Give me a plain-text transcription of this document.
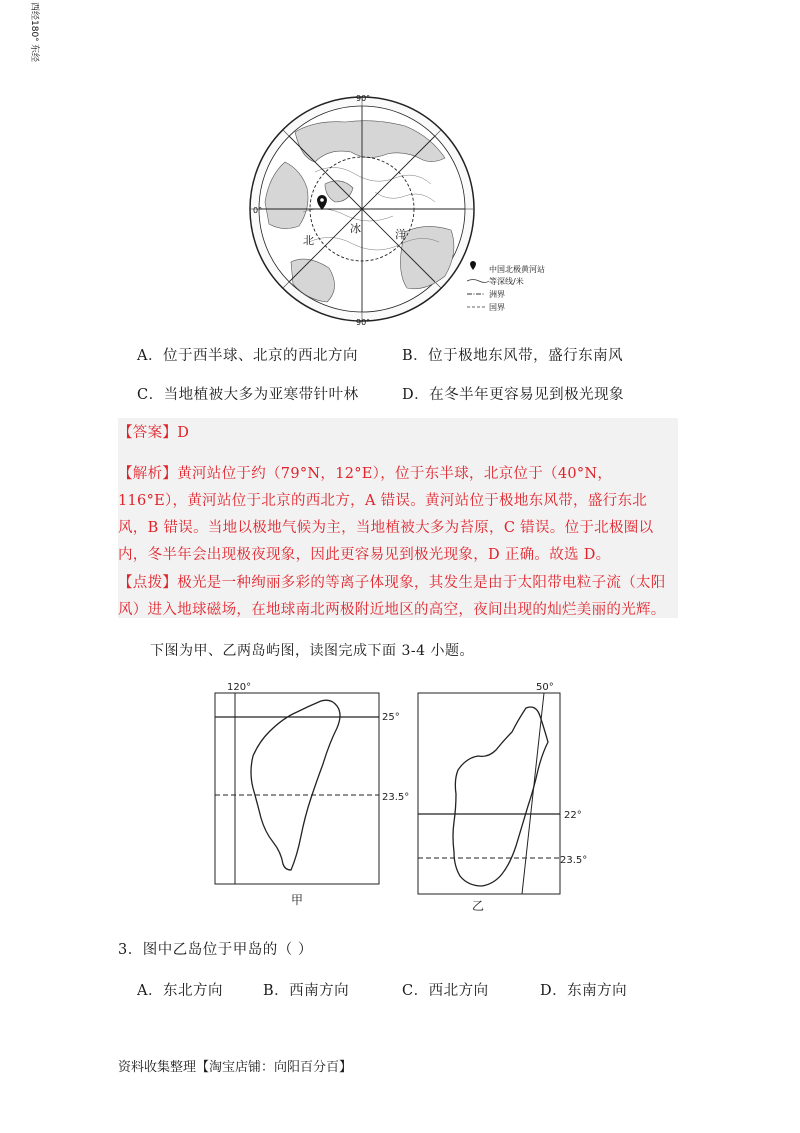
北
冰	洋
90°
90°
0°
西经
180°
东经
中国北极黄河站
等深线/米
洲界
国界
A．位于西半球、北京的西北方向	B．位于极地东风带，盛行东南风
C．当地植被大多为亚寒带针叶林	D．在冬半年更容易见到极光现象
【答案】D
【解析】黄河站位于约（79°N，12°E），位于东半球，北京位于（40°N，116°E），黄河站位于北京的西北方，A 错误。黄河站位于极地东风带，盛行东北风，B 错误。当地以极地气候为主，当地植被大多为苔原，C 错误。位于北极圈以内，冬半年会出现极夜现象，因此更容易见到极光现象，D 正确。故选 D。
【点拨】极光是一种绚丽多彩的等离子体现象，其发生是由于太阳带电粒子流（太阳风）进入地球磁场，在地球南北两极附近地区的高空，夜间出现的灿烂美丽的光辉。
下图为甲、乙两岛屿图，读图完成下面 3-4 小题。
120°
25°
23.5°
甲
50°
22°
23.5°
乙
3．图中乙岛位于甲岛的（ ）
A．东北方向	B．西南方向	C．西北方向	D．东南方向
资料收集整理【淘宝店铺：向阳百分百】
